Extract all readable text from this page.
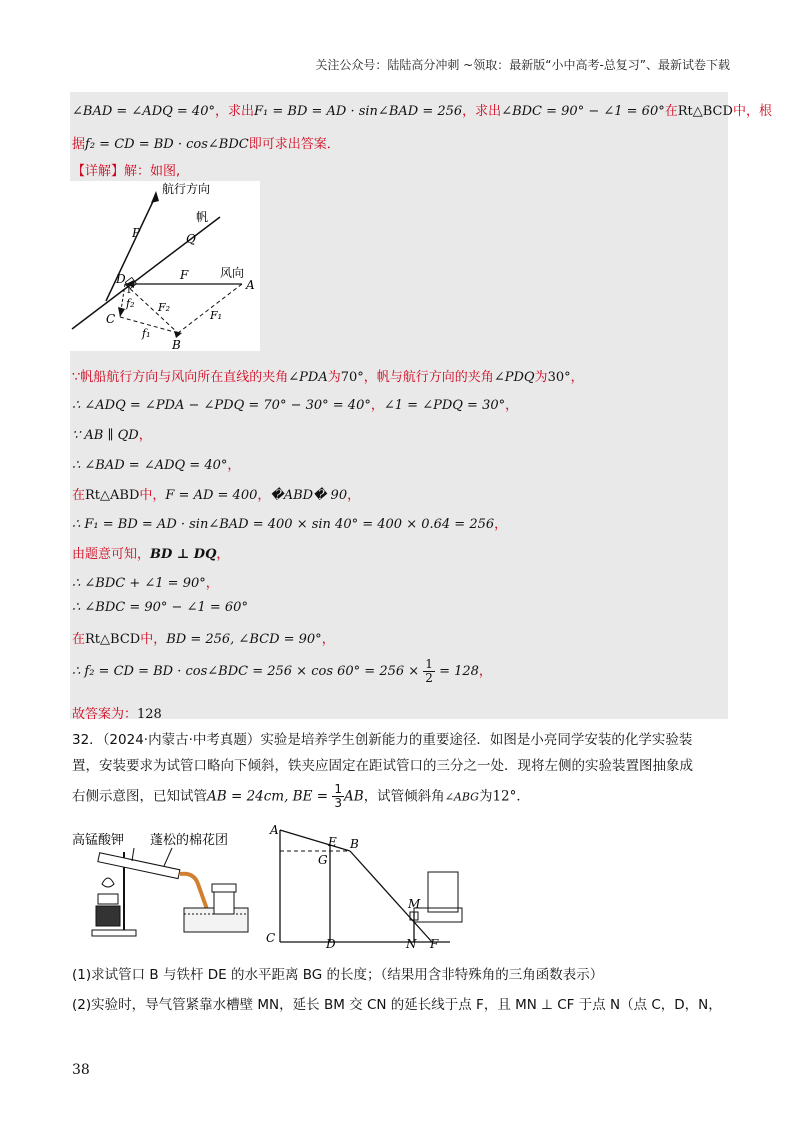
关注公众号：陆陆高分冲刺 ~领取：最新版“小中高考-总复习”、最新试卷下载
∠BAD = ∠ADQ = 40°，求出F₁ = BD = AD · sin∠BAD = 256，求出∠BDC = 90° − ∠1 = 60°在Rt△BCD中，根
据f₂ = CD = BD · cos∠BDC即可求出答案．
【详解】解：如图,
航行方向
帆
风向
P	Q
D	F
A
C
B
f₂ F₂
F₁
f₁
1
∵帆船航行方向与风向所在直线的夹角∠PDA为70°，帆与航行方向的夹角∠PDQ为30°，
∴ ∠ADQ = ∠PDA − ∠PDQ = 70° − 30° = 40°，∠1 = ∠PDQ = 30°，
∵ AB ∥ QD，
∴ ∠BAD = ∠ADQ = 40°，
在Rt△ABD中，F = AD = 400，�ABD� 90，
∴ F₁ = BD = AD · sin∠BAD = 400 × sin 40° = 400 × 0.64 = 256，
由题意可知，BD ⊥ DQ，
∴ ∠BDC + ∠1 = 90°，
∴ ∠BDC = 90° − ∠1 = 60°
在Rt△BCD中，BD = 256, ∠BCD = 90°，
∴ f₂ = CD = BD · cos∠BDC = $256 \times \cos 60^\circ = 256 \times \frac{1}{2} = 128$，
故答案为：128
32．（2024·内蒙古·中考真题）实验是培养学生创新能力的重要途径．如图是小亮同学安装的化学实验装
置，安装要求为试管口略向下倾斜，铁夹应固定在距试管口的三分之一处．现将左侧的实验装置图抽象成
右侧示意图，已知试管AB = 24cm, BE = $\frac{1}{3}$ AB，试管倾斜角∠ABG为12°．
高锰酸钾 蓬松的棉花团
A
E B
G
M
C	D	N F
(1)求试管口 B 与铁杆 DE 的水平距离 BG 的长度；（结果用含非特殊角的三角函数表示）
(2)实验时，导气管紧靠水槽壁 MN，延长 BM 交 CN 的延长线于点 F，且 MN ⊥ CF 于点 N（点 C，D，N，
38
